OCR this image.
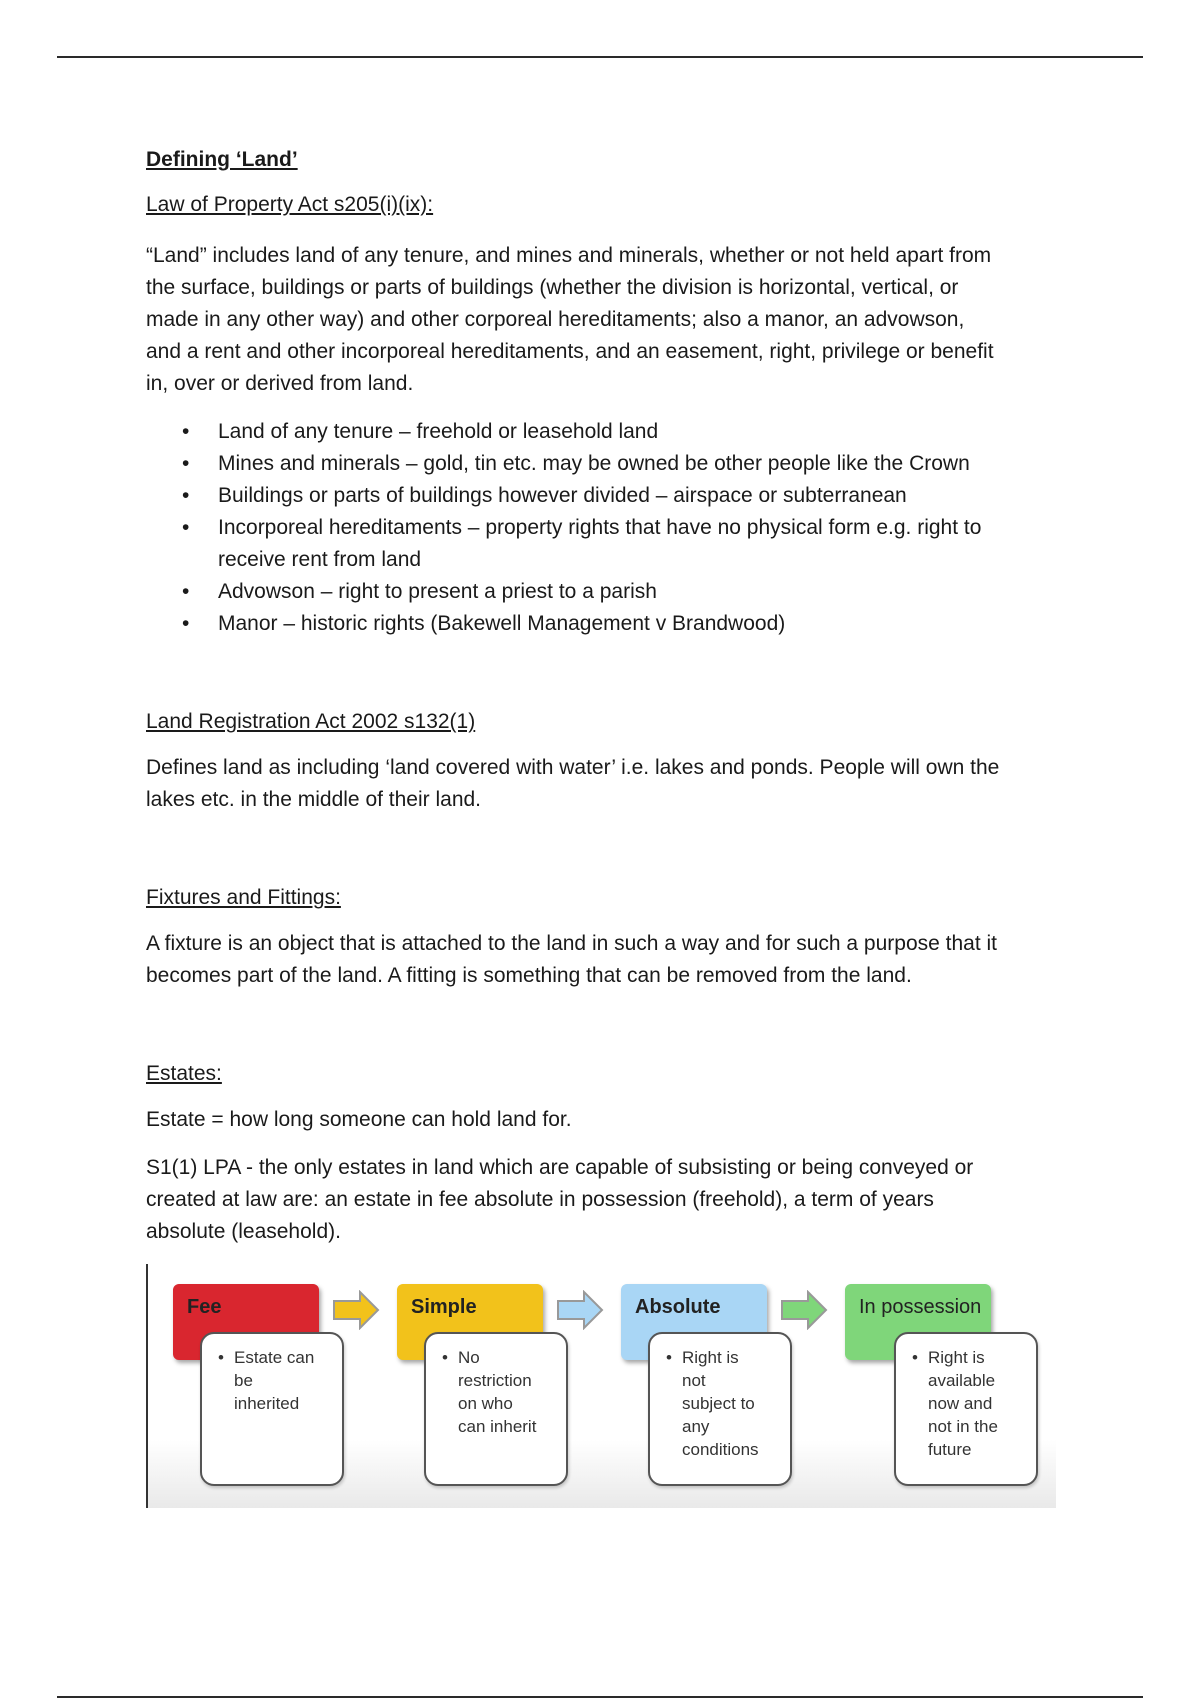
Defining ‘Land’
Law of Property Act s205(i)(ix):
“Land” includes land of any tenure, and mines and minerals, whether or not held apart from
the surface, buildings or parts of buildings (whether the division is horizontal, vertical, or
made in any other way) and other corporeal hereditaments; also a manor, an advowson,
and a rent and other incorporeal hereditaments, and an easement, right, privilege or benefit
in, over or derived from land.
• Land of any tenure – freehold or leasehold land
• Mines and minerals – gold, tin etc. may be owned be other people like the Crown
• Buildings or parts of buildings however divided – airspace or subterranean
• Incorporeal hereditaments – property rights that have no physical form e.g. right to
receive rent from land
• Advowson – right to present a priest to a parish
• Manor – historic rights (Bakewell Management v Brandwood)
Land Registration Act 2002 s132(1)
Defines land as including ‘land covered with water’ i.e. lakes and ponds. People will own the
lakes etc. in the middle of their land.
Fixtures and Fittings:
A fixture is an object that is attached to the land in such a way and for such a purpose that it
becomes part of the land. A fitting is something that can be removed from the land.
Estates:
Estate = how long someone can hold land for.
S1(1) LPA - the only estates in land which are capable of subsisting or being conveyed or
created at law are: an estate in fee absolute in possession (freehold), a term of years
absolute (leasehold).
Fee
• Estate can
be
inherited
Simple
• No
restriction
on who
can inherit
Absolute
• Right is
not
subject to
any
conditions
In possession
• Right is
available
now and
not in the
future
